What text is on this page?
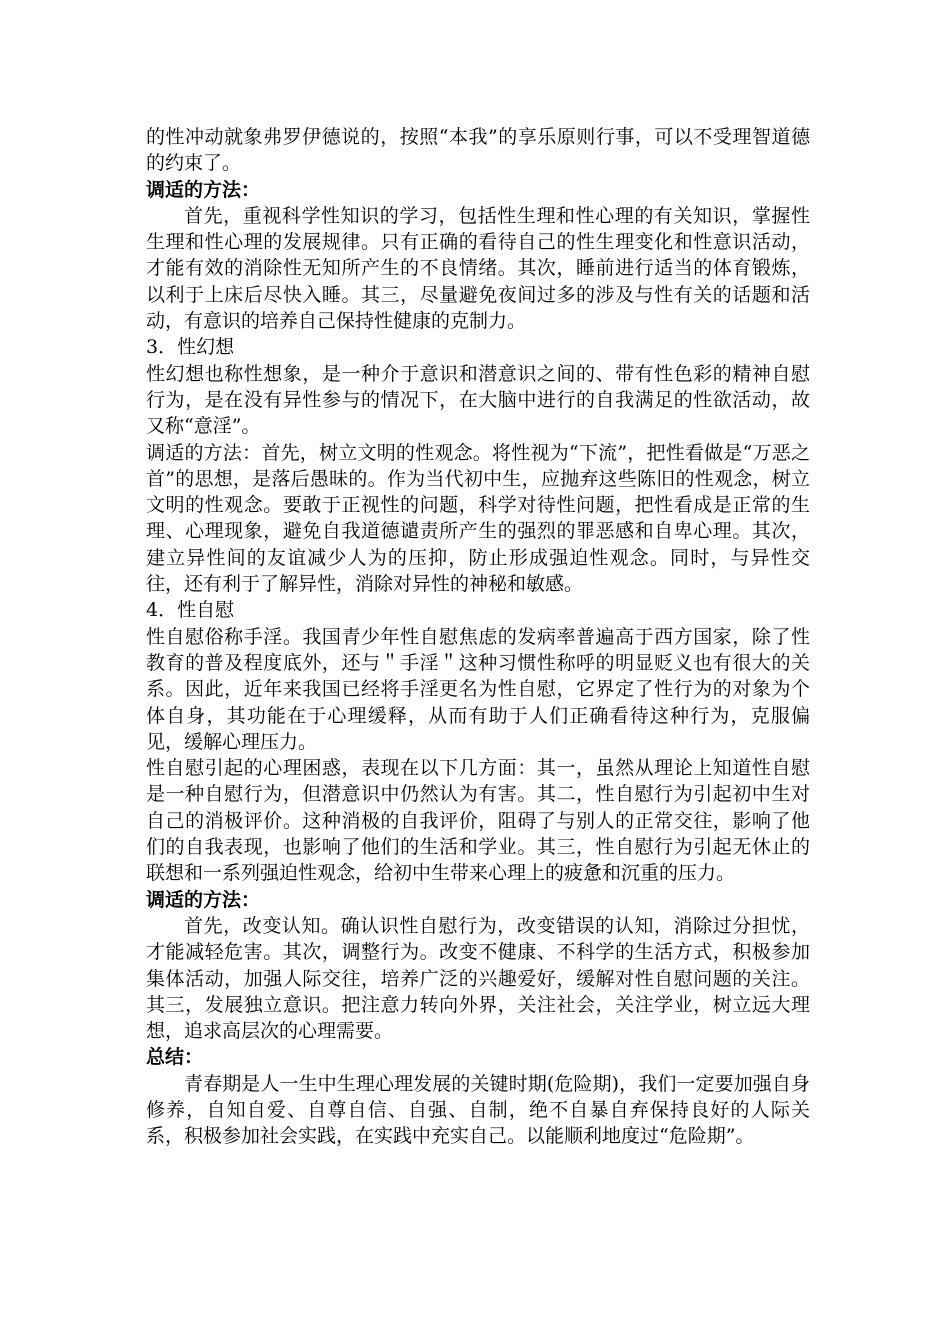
的性冲动就象弗罗伊德说的，按照“本我”的享乐原则行事，可以不受理智道德的约束了。

调适的方法：

首先，重视科学性知识的学习，包括性生理和性心理的有关知识，掌握性生理和性心理的发展规律。只有正确的看待自己的性生理变化和性意识活动，才能有效的消除性无知所产生的不良情绪。其次，睡前进行适当的体育锻炼，以利于上床后尽快入睡。其三，尽量避免夜间过多的涉及与性有关的话题和活动，有意识的培养自己保持性健康的克制力。

3．性幻想

性幻想也称性想象，是一种介于意识和潜意识之间的、带有性色彩的精神自慰行为，是在没有异性参与的情况下，在大脑中进行的自我满足的性欲活动，故又称“意淫”。

调适的方法：首先，树立文明的性观念。将性视为“下流”，把性看做是“万恶之首”的思想，是落后愚昧的。作为当代初中生，应抛弃这些陈旧的性观念，树立文明的性观念。要敢于正视性的问题，科学对待性问题，把性看成是正常的生理、心理现象，避免自我道德谴责所产生的强烈的罪恶感和自卑心理。其次，建立异性间的友谊减少人为的压抑，防止形成强迫性观念。同时，与异性交往，还有利于了解异性，消除对异性的神秘和敏感。

4．性自慰

性自慰俗称手淫。我国青少年性自慰焦虑的发病率普遍高于西方国家，除了性教育的普及程度底外，还与＂手淫＂这种习惯性称呼的明显贬义也有很大的关系。因此，近年来我国已经将手淫更名为性自慰，它界定了性行为的对象为个体自身，其功能在于心理缓释，从而有助于人们正确看待这种行为，克服偏见，缓解心理压力。

性自慰引起的心理困惑，表现在以下几方面：其一，虽然从理论上知道性自慰是一种自慰行为，但潜意识中仍然认为有害。其二，性自慰行为引起初中生对自己的消极评价。这种消极的自我评价，阻碍了与别人的正常交往，影响了他们的自我表现，也影响了他们的生活和学业。其三，性自慰行为引起无休止的联想和一系列强迫性观念，给初中生带来心理上的疲惫和沉重的压力。

调适的方法：

首先，改变认知。确认识性自慰行为，改变错误的认知，消除过分担忧，才能减轻危害。其次，调整行为。改变不健康、不科学的生活方式，积极参加集体活动，加强人际交往，培养广泛的兴趣爱好，缓解对性自慰问题的关注。其三，发展独立意识。把注意力转向外界，关注社会，关注学业，树立远大理想，追求高层次的心理需要。

总结：

青春期是人一生中生理心理发展的关键时期(危险期)，我们一定要加强自身修养，自知自爱、自尊自信、自强、自制，绝不自暴自弃保持良好的人际关系，积极参加社会实践，在实践中充实自己。以能顺利地度过“危险期”。
